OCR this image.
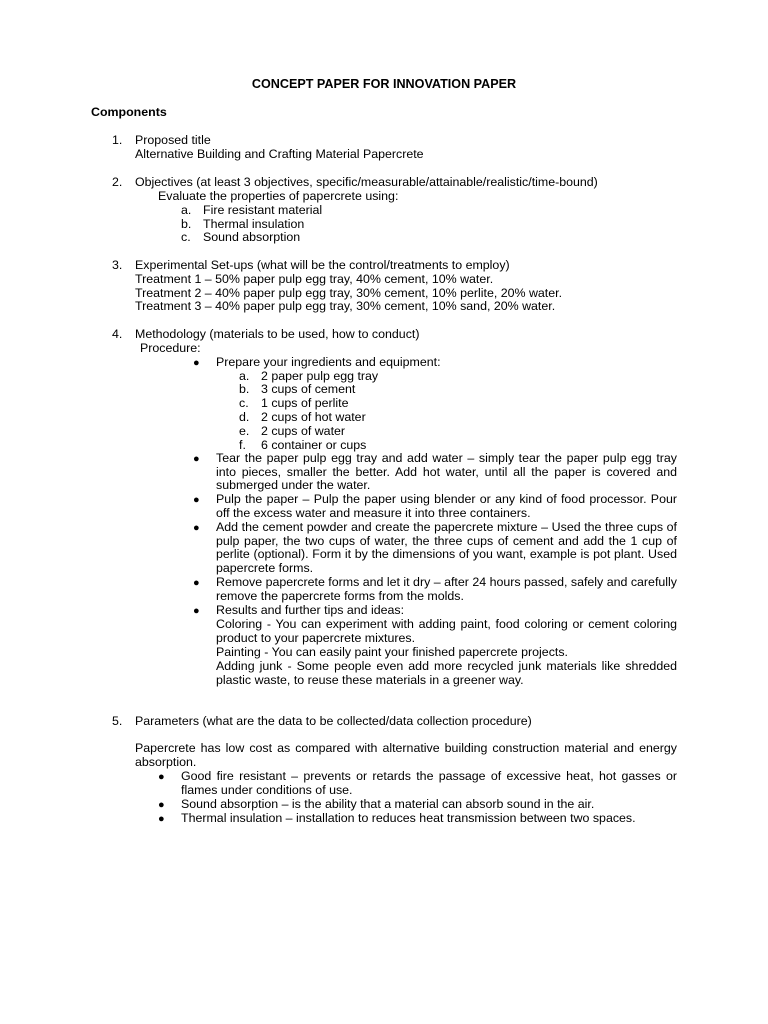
CONCEPT PAPER FOR INNOVATION PAPER
Components
1. Proposed title
Alternative Building and Crafting Material Papercrete
2. Objectives (at least 3 objectives, specific/measurable/attainable/realistic/time-bound)
Evaluate the properties of papercrete using:
a. Fire resistant material
b. Thermal insulation
c. Sound absorption
3. Experimental Set-ups (what will be the control/treatments to employ)
Treatment 1 – 50% paper pulp egg tray, 40% cement, 10% water.
Treatment 2 – 40% paper pulp egg tray, 30% cement, 10% perlite, 20% water.
Treatment 3 – 40% paper pulp egg tray, 30% cement, 10% sand, 20% water.
4. Methodology (materials to be used, how to conduct)
Procedure:
● Prepare your ingredients and equipment:
a. 2 paper pulp egg tray
b. 3 cups of cement
c. 1 cups of perlite
d. 2 cups of hot water
e. 2 cups of water
f. 6 container or cups
● Tear the paper pulp egg tray and add water – simply tear the paper pulp egg tray into pieces, smaller the better. Add hot water, until all the paper is covered and submerged under the water.
● Pulp the paper – Pulp the paper using blender or any kind of food processor. Pour off the excess water and measure it into three containers.
● Add the cement powder and create the papercrete mixture – Used the three cups of pulp paper, the two cups of water, the three cups of cement and add the 1 cup of perlite (optional). Form it by the dimensions of you want, example is pot plant. Used papercrete forms.
● Remove papercrete forms and let it dry – after 24 hours passed, safely and carefully remove the papercrete forms from the molds.
● Results and further tips and ideas:
Coloring - You can experiment with adding paint, food coloring or cement coloring product to your papercrete mixtures.
Painting - You can easily paint your finished papercrete projects.
Adding junk - Some people even add more recycled junk materials like shredded plastic waste, to reuse these materials in a greener way.
5. Parameters (what are the data to be collected/data collection procedure)
Papercrete has low cost as compared with alternative building construction material and energy absorption.
● Good fire resistant – prevents or retards the passage of excessive heat, hot gasses or flames under conditions of use.
● Sound absorption – is the ability that a material can absorb sound in the air.
● Thermal insulation – installation to reduces heat transmission between two spaces.
